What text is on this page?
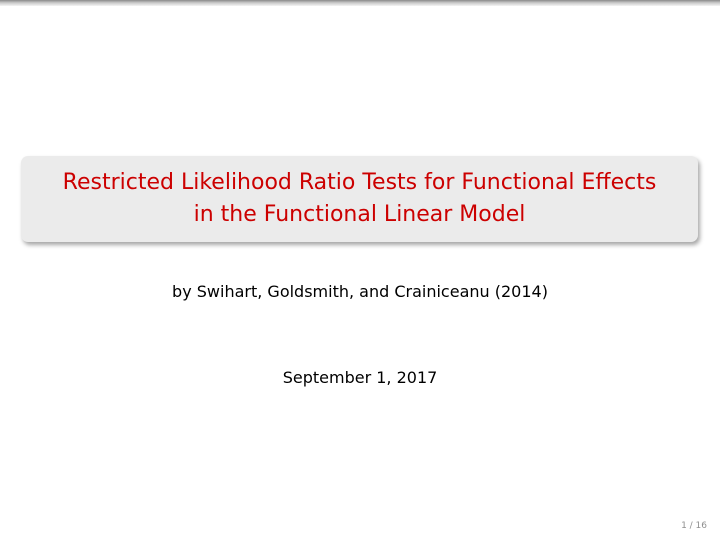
Restricted Likelihood Ratio Tests for Functional Effects
in the Functional Linear Model
by Swihart, Goldsmith, and Crainiceanu (2014)
September 1, 2017
1 / 16
